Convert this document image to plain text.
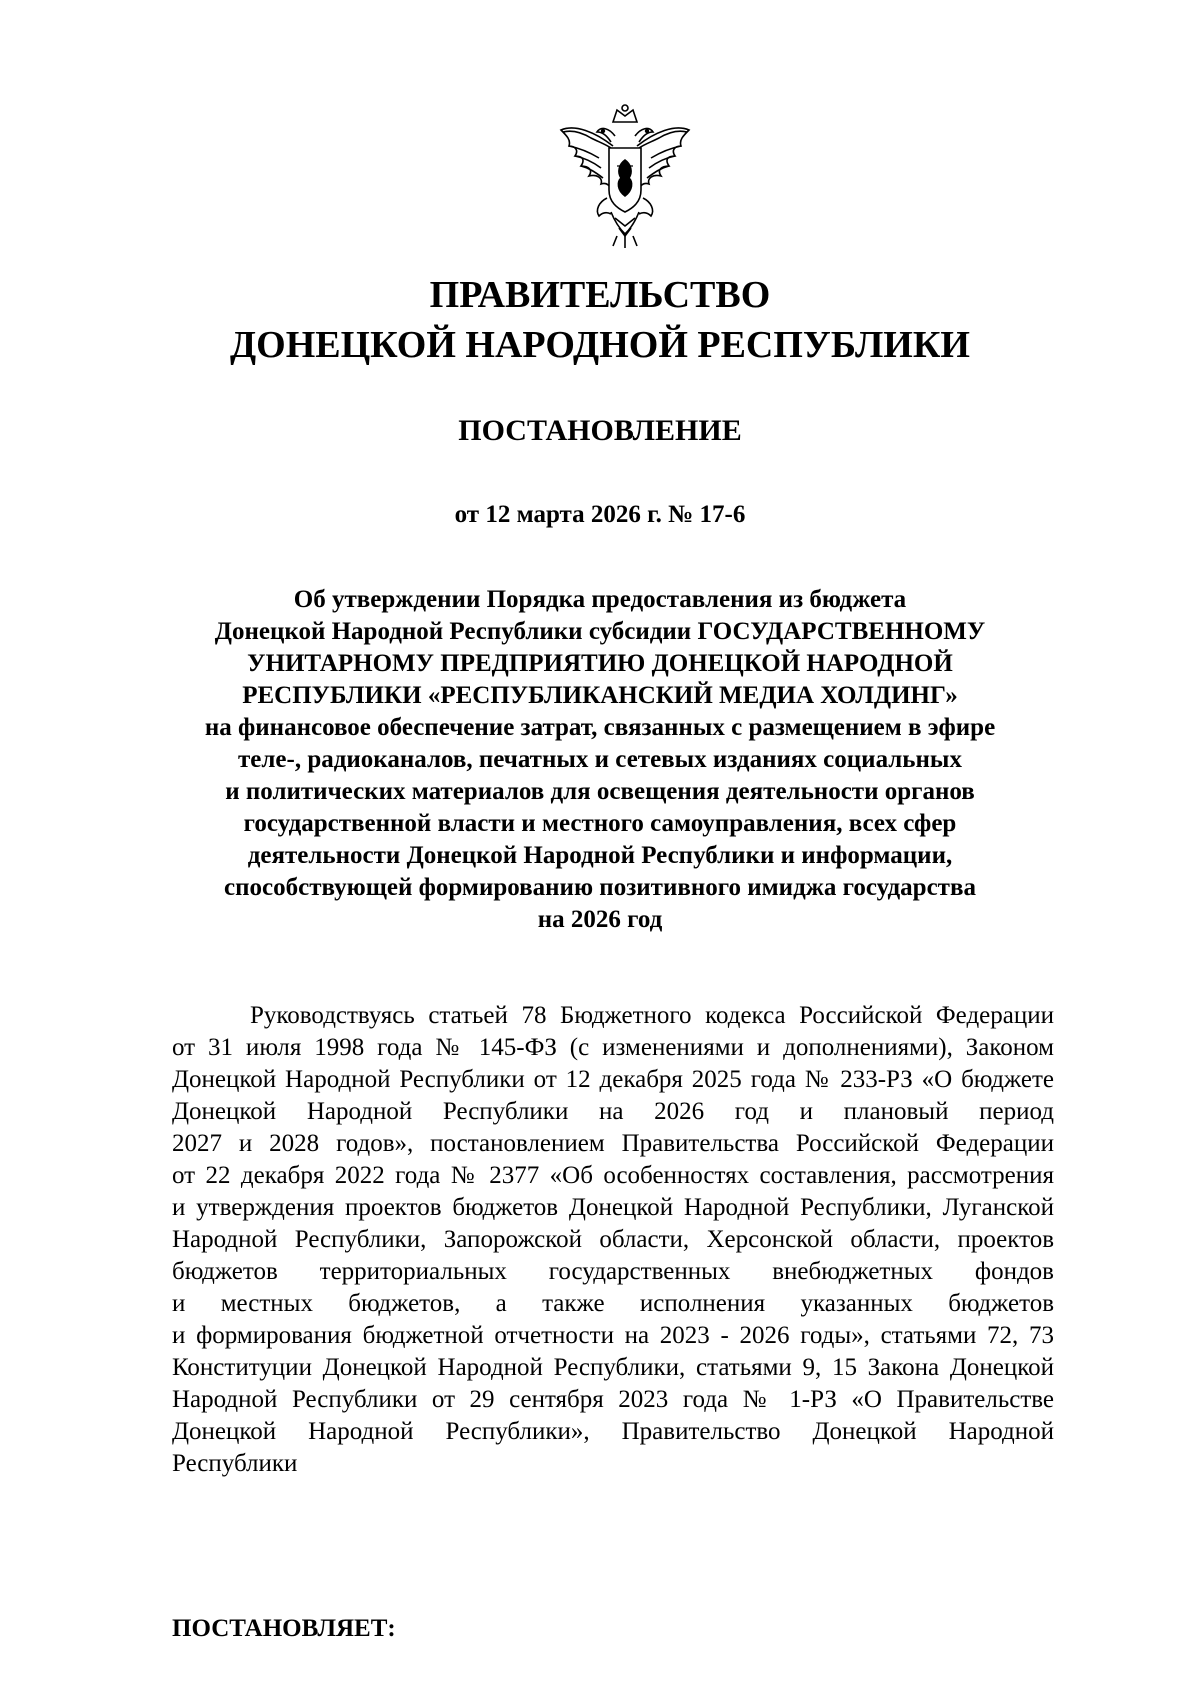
ПРАВИТЕЛЬСТВО
ДОНЕЦКОЙ НАРОДНОЙ РЕСПУБЛИКИ
ПОСТАНОВЛЕНИЕ

от 12 марта 2026 г. № 17-6

Об утверждении Порядка предоставления из бюджета
Донецкой Народной Республики субсидии ГОСУДАРСТВЕННОМУ
УНИТАРНОМУ ПРЕДПРИЯТИЮ ДОНЕЦКОЙ НАРОДНОЙ
РЕСПУБЛИКИ «РЕСПУБЛИКАНСКИЙ МЕДИА ХОЛДИНГ»
на финансовое обеспечение затрат, связанных с размещением в эфире
теле-, радиоканалов, печатных и сетевых изданиях социальных
и политических материалов для освещения деятельности органов
государственной власти и местного самоуправления, всех сфер
деятельности Донецкой Народной Республики и информации,
способствующей формированию позитивного имиджа государства
на 2026 год
Руководствуясь статьей 78 Бюджетного кодекса Российской Федерации
от 31 июля 1998 года № 145-ФЗ (с изменениями и дополнениями), Законом
Донецкой Народной Республики от 12 декабря 2025 года № 233-РЗ «О бюджете
Донецкой Народной Республики на 2026 год и плановый период
2027 и 2028 годов», постановлением Правительства Российской Федерации
от 22 декабря 2022 года № 2377 «Об особенностях составления, рассмотрения
и утверждения проектов бюджетов Донецкой Народной Республики, Луганской
Народной Республики, Запорожской области, Херсонской области, проектов
бюджетов территориальных государственных внебюджетных фондов
и местных бюджетов, а также исполнения указанных бюджетов
и формирования бюджетной отчетности на 2023 - 2026 годы», статьями 72, 73
Конституции Донецкой Народной Республики, статьями 9, 15 Закона Донецкой
Народной Республики от 29 сентября 2023 года № 1-РЗ «О Правительстве
Донецкой Народной Республики», Правительство Донецкой Народной
Республики

ПОСТАНОВЛЯЕТ:
